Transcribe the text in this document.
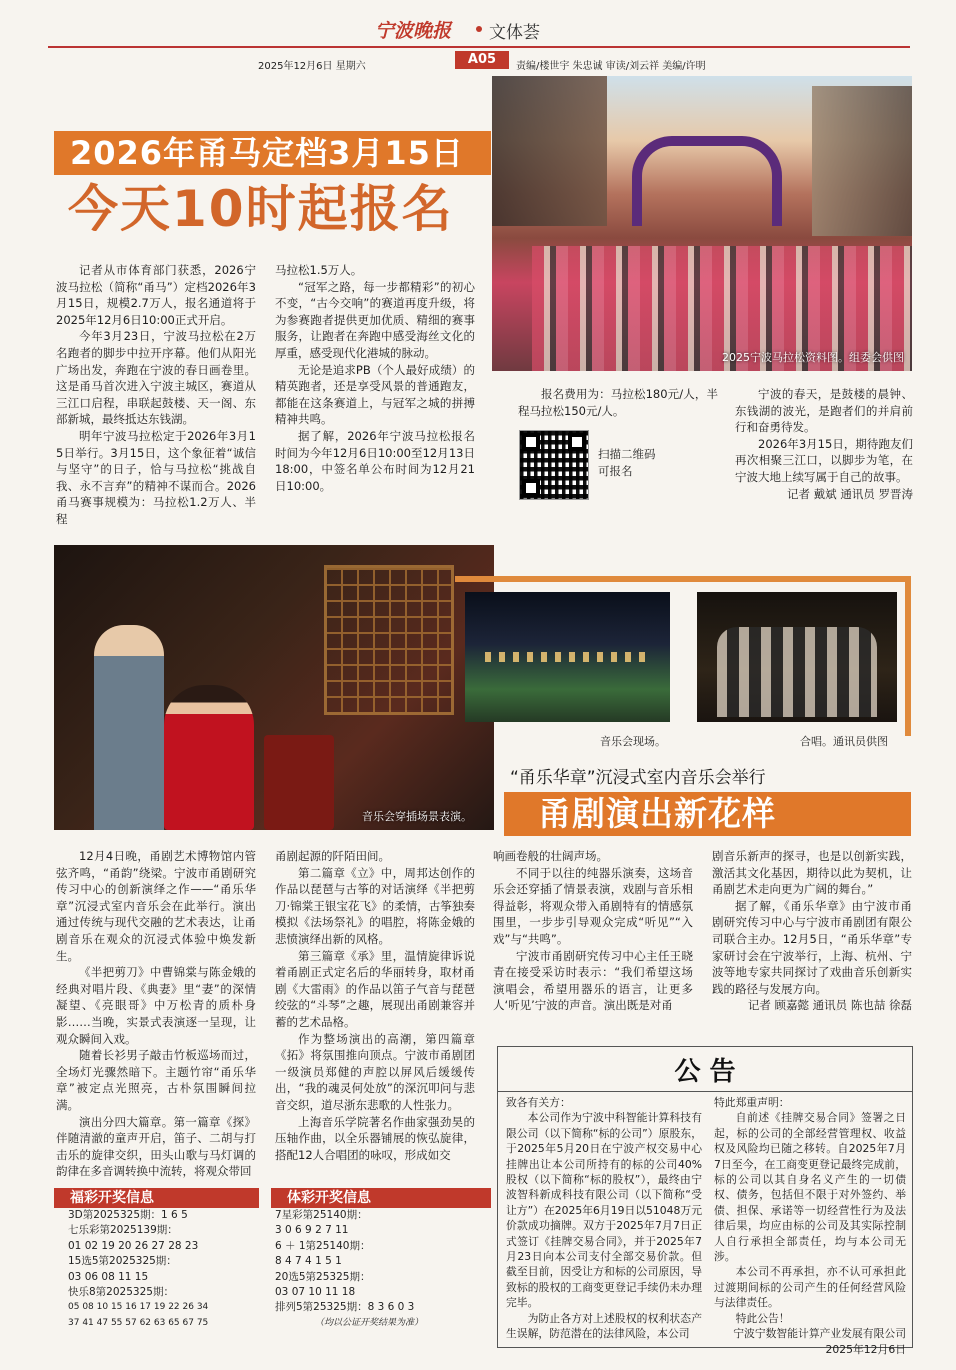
宁波晚报 文体荟
2025年12月6日 星期六	A05	责编/楼世宇 朱忠诚 审读/刘云祥 美编/许明
2026年甬马定档3月15日
今天10时起报名
2025宁波马拉松资料图。组委会供图

记者从市体育部门获悉，2026宁波马拉松（简称“甬马”）定档2026年3月15日，规模2.7万人，报名通道将于2025年12月6日10:00正式开启。

今年3月23日，宁波马拉松在2万名跑者的脚步中拉开序幕。他们从阳光广场出发，奔跑在宁波的春日画卷里。这是甬马首次进入宁波主城区，赛道从三江口启程，串联起鼓楼、天一阁、东部新城，最终抵达东钱湖。

明年宁波马拉松定于2026年3月15日举行。3月15日，这个象征着“诚信与坚守”的日子，恰与马拉松“挑战自我、永不言弃”的精神不谋而合。2026甬马赛事规模为：马拉松1.2万人、半程

马拉松1.5万人。

“冠军之路，每一步都精彩”的初心不变，“古今交响”的赛道再度升级，将为参赛跑者提供更加优质、精细的赛事服务，让跑者在奔跑中感受海丝文化的厚重，感受现代化港城的脉动。

无论是追求PB（个人最好成绩）的精英跑者，还是享受风景的普通跑友，都能在这条赛道上，与冠军之城的拼搏精神共鸣。

据了解，2026年宁波马拉松报名时间为今年12月6日10:00至12月13日18:00，中签名单公布时间为12月21日10:00。

报名费用为：马拉松180元/人，半程马拉松150元/人。
扫描二维码
可报名

宁波的春天，是鼓楼的晨钟、东钱湖的波光，是跑者们的并肩前行和奋勇待发。

2026年3月15日，期待跑友们再次相聚三江口，以脚步为笔，在宁波大地上续写属于自己的故事。

记者 戴斌 通讯员 罗晋涛
音乐会穿插场景表演。
音乐会现场。	合唱。通讯员供图
“甬乐华章”沉浸式室内音乐会举行
甬剧演出新花样

12月4日晚，甬剧艺术博物馆内管弦齐鸣，“甬韵”绕梁。宁波市甬剧研究传习中心的创新演绎之作——“甬乐华章”沉浸式室内音乐会在此举行。演出通过传统与现代交融的艺术表达，让甬剧音乐在观众的沉浸式体验中焕发新生。

《半把剪刀》中曹锦棠与陈金娥的经典对唱片段、《典妻》里“妻”的深情凝望、《亮眼哥》中万松青的质朴身影……当晚，实景式表演逐一呈现，让观众瞬间入戏。

随着长衫男子敲击竹板巡场而过，全场灯光骤然暗下。主题竹帘“甬乐华章”被定点光照亮，古朴氛围瞬间拉满。

演出分四大篇章。第一篇章《探》伴随清澈的童声开启，笛子、二胡与打击乐的旋律交织，田头山歌与马灯调的韵律在多音调转换中流转，将观众带回

甬剧起源的阡陌田间。

第二篇章《立》中，周邦达创作的作品以琵琶与古筝的对话演绎《半把剪刀·锦棠王银宝花飞》的柔情，古筝独奏模拟《法场祭礼》的唱腔，将陈金娥的悲愤演绎出新的风格。

第三篇章《承》里，温情旋律诉说着甬剧正式定名后的华丽转身，取材甬剧《大雷雨》的作品以笛子气音与琵琶绞弦的“斗琴”之趣，展现出甬剧兼容并蓄的艺术品格。

作为整场演出的高潮，第四篇章《拓》将氛围推向顶点。宁波市甬剧团一级演员郑健的声腔以屏风后缓缓传出，“我的魂灵何处放”的深沉叩问与悲音交织，道尽浙东悲歌的人性张力。

上海音乐学院著名作曲家强劲昊的压轴作曲，以全乐器铺展的恢弘旋律，搭配12人合唱团的咏叹，形成如交

响画卷般的壮阔声场。

不同于以往的纯器乐演奏，这场音乐会还穿插了情景表演，戏剧与音乐相得益彰，将观众带入甬剧特有的情感氛围里，一步步引导观众完成“听见”“入戏”与“共鸣”。

宁波市甬剧研究传习中心主任王晓青在接受采访时表示：“我们希望这场演唱会，希望用器乐的语言，让更多人‘听见’宁波的声音。演出既是对甬

剧音乐新声的探寻，也是以创新实践，激活其文化基因，期待以此为契机，让甬剧艺术走向更为广阔的舞台。”

据了解，《甬乐华章》由宁波市甬剧研究传习中心与宁波市甬剧团有限公司联合主办。12月5日，“甬乐华章”专家研讨会在宁波举行，上海、杭州、宁波等地专家共同探讨了戏曲音乐创新实践的路径与发展方向。

记者 顾嘉懿 通讯员 陈也喆 徐磊
福彩开奖信息
3D第2025325期：1 6 5
七乐彩第2025139期：
01 02 19 20 26 27 28 23
15选5第2025325期：
03 06 08 11 15
快乐8第2025325期：
05 08 10 15 16 17 19 22 26 34
37 41 47 55 57 62 63 65 67 75
体彩开奖信息
7星彩第25140期：
3 0 6 9 2 7 11
6 ＋ 1第25140期：
8 4 7 4 1 5 1
20选5第25325期：
03 07 10 11 18
排列5第25325期：8 3 6 0 3
（均以公证开奖结果为准）
公 告
致各有关方：

本公司作为宁波中科智能计算科技有限公司（以下简称“标的公司”）原股东，于2025年5月20日在宁波产权交易中心挂牌出让本公司所持有的标的公司40%股权（以下简称“标的股权”），最终由宁波智科新成科技有限公司（以下简称“受让方”）在2025年6月19日以51048万元价款成功摘牌。双方于2025年7月7日正式签订《挂牌交易合同》，并于2025年7月23日向本公司支付全部交易价款。但截至目前，因受让方和标的公司原因，导致标的股权的工商变更登记手续仍未办理完毕。

为防止各方对上述股权的权利状态产生误解，防范潜在的法律风险，本公司

特此郑重声明：

自前述《挂牌交易合同》签署之日起，标的公司的全部经营管理权、收益权及风险均已随之移转。自2025年7月7日至今，在工商变更登记最终完成前，标的公司以其自身名义产生的一切债权、债务，包括但不限于对外签约、举债、担保、承诺等一切经营性行为及法律后果，均应由标的公司及其实际控制人自行承担全部责任，均与本公司无涉。

本公司不再承担，亦不认可承担此过渡期间标的公司产生的任何经营风险与法律责任。

特此公告！

宁波宁数智能计算产业发展有限公司
2025年12月6日
